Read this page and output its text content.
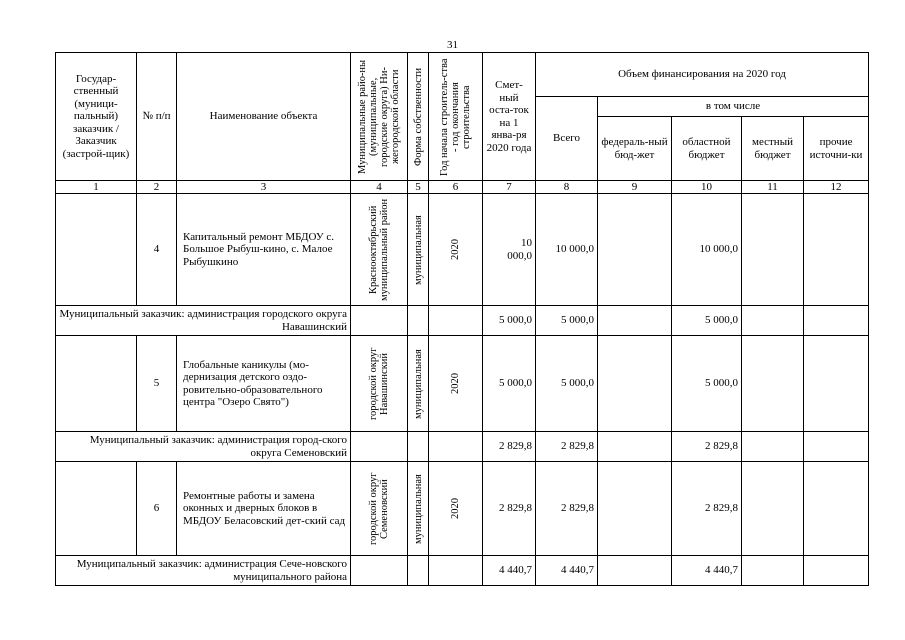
31
Государ-ственный (муници-пальный) заказчик / Заказчик (застрой-щик)	№ п/п	Наименование объекта	Муниципальные райо-ны (муниципальные, городские округа) Ни-жегородской области	Форма собственности	Год начала строитель-ства - год окончания строительства	Смет-ный оста-ток на 1 янва-ря 2020 года	Объем финансирования на 2020 год				
							Всего	в том числе			
								федераль-ный бюд-жет	областной бюджет	местный бюджет	прочие источни-ки
1	2	3	4	5	6	7	8	9	10	11	12
	4	Капитальный ремонт МБДОУ с. Большое Рыбуш-кино, с. Малое Рыбушкино	Краснооктябрьский муниципальный район	муниципальная	2020	10 000,0	10 000,0		10 000,0		
Муниципальный заказчик: администрация городского округа Навашинский						5 000,0	5 000,0		5 000,0		
	5	Глобальные каникулы (мо-дернизация детского оздо-ровительно-образовательного центра "Озеро Свято")	городской округ Навашинский	муниципальная	2020	5 000,0	5 000,0		5 000,0		
Муниципальный заказчик: администрация город-ского округа Семеновский						2 829,8	2 829,8		2 829,8		
	6	Ремонтные работы и замена оконных и дверных блоков в МБДОУ Беласовский дет-ский сад	городской округ Семеновский	муниципальная	2020	2 829,8	2 829,8		2 829,8		
Муниципальный заказчик: администрация Сече-новского муниципального района						4 440,7	4 440,7		4 440,7		
